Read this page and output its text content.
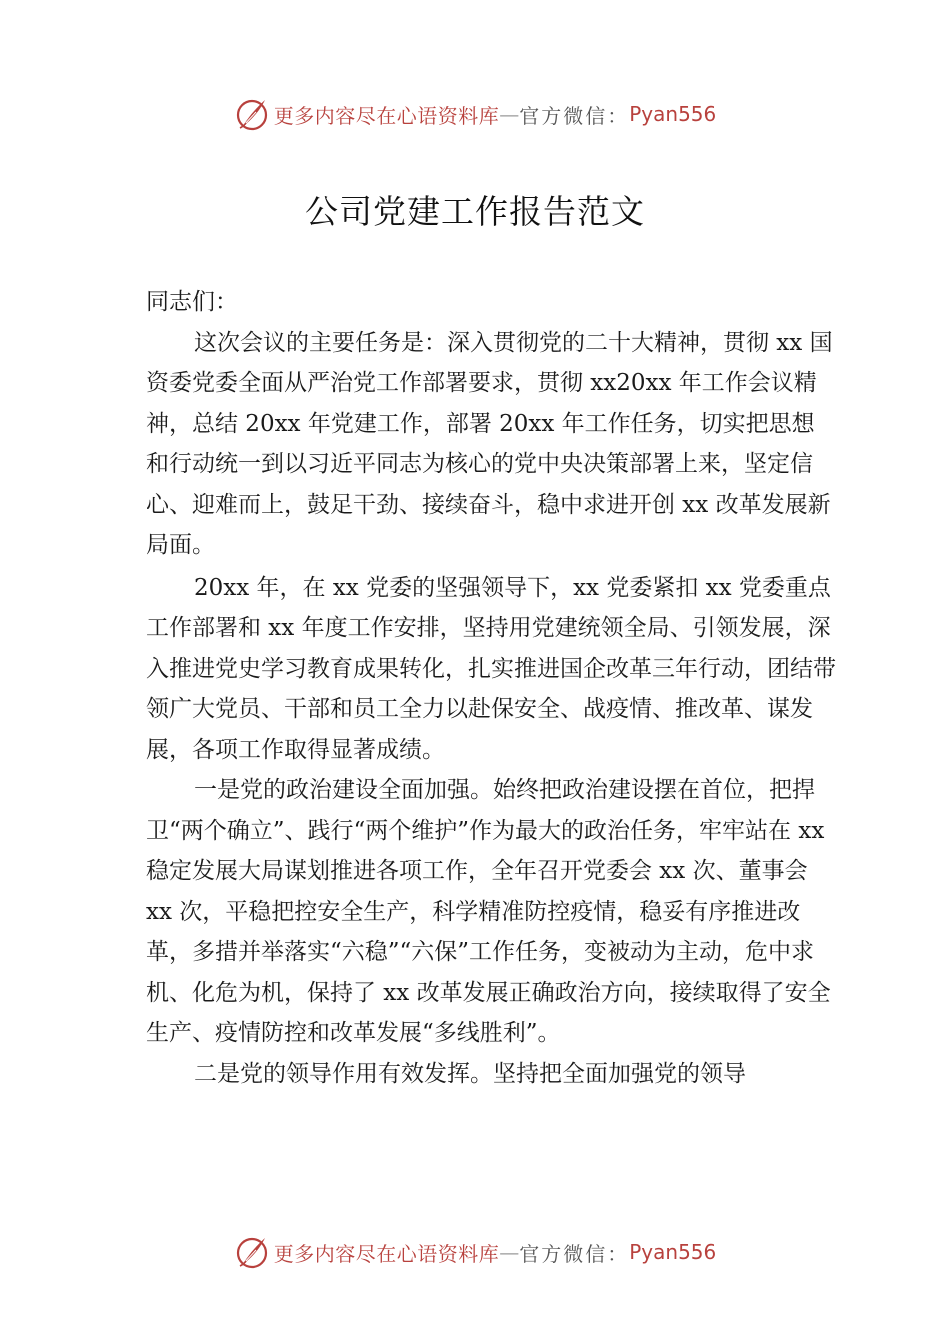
更多内容尽在心语资料库 — 官方微信： Pyan556
公司党建工作报告范文

同志们：

这次会议的主要任务是：深入贯彻党的二十大精神，贯彻 xx 国资委党委全面从严治党工作部署要求，贯彻 xx20xx 年工作会议精神，总结 20xx 年党建工作，部署 20xx 年工作任务，切实把思想和行动统一到以习近平同志为核心的党中央决策部署上来，坚定信心、迎难而上，鼓足干劲、接续奋斗，稳中求进开创 xx 改革发展新局面。

20xx 年，在 xx 党委的坚强领导下，xx 党委紧扣 xx 党委重点工作部署和 xx 年度工作安排，坚持用党建统领全局、引领发展，深入推进党史学习教育成果转化，扎实推进国企改革三年行动，团结带领广大党员、干部和员工全力以赴保安全、战疫情、推改革、谋发展，各项工作取得显著成绩。

一是党的政治建设全面加强。始终把政治建设摆在首位，把捍卫“两个确立”、践行“两个维护”作为最大的政治任务，牢牢站在 xx 稳定发展大局谋划推进各项工作，全年召开党委会 xx 次、董事会 xx 次，平稳把控安全生产，科学精准防控疫情，稳妥有序推进改革，多措并举落实“六稳”“六保”工作任务，变被动为主动，危中求机、化危为机，保持了 xx 改革发展正确政治方向，接续取得了安全生产、疫情防控和改革发展“多线胜利”。

二是党的领导作用有效发挥。坚持把全面加强党的领导

更多内容尽在心语资料库 — 官方微信： Pyan556
